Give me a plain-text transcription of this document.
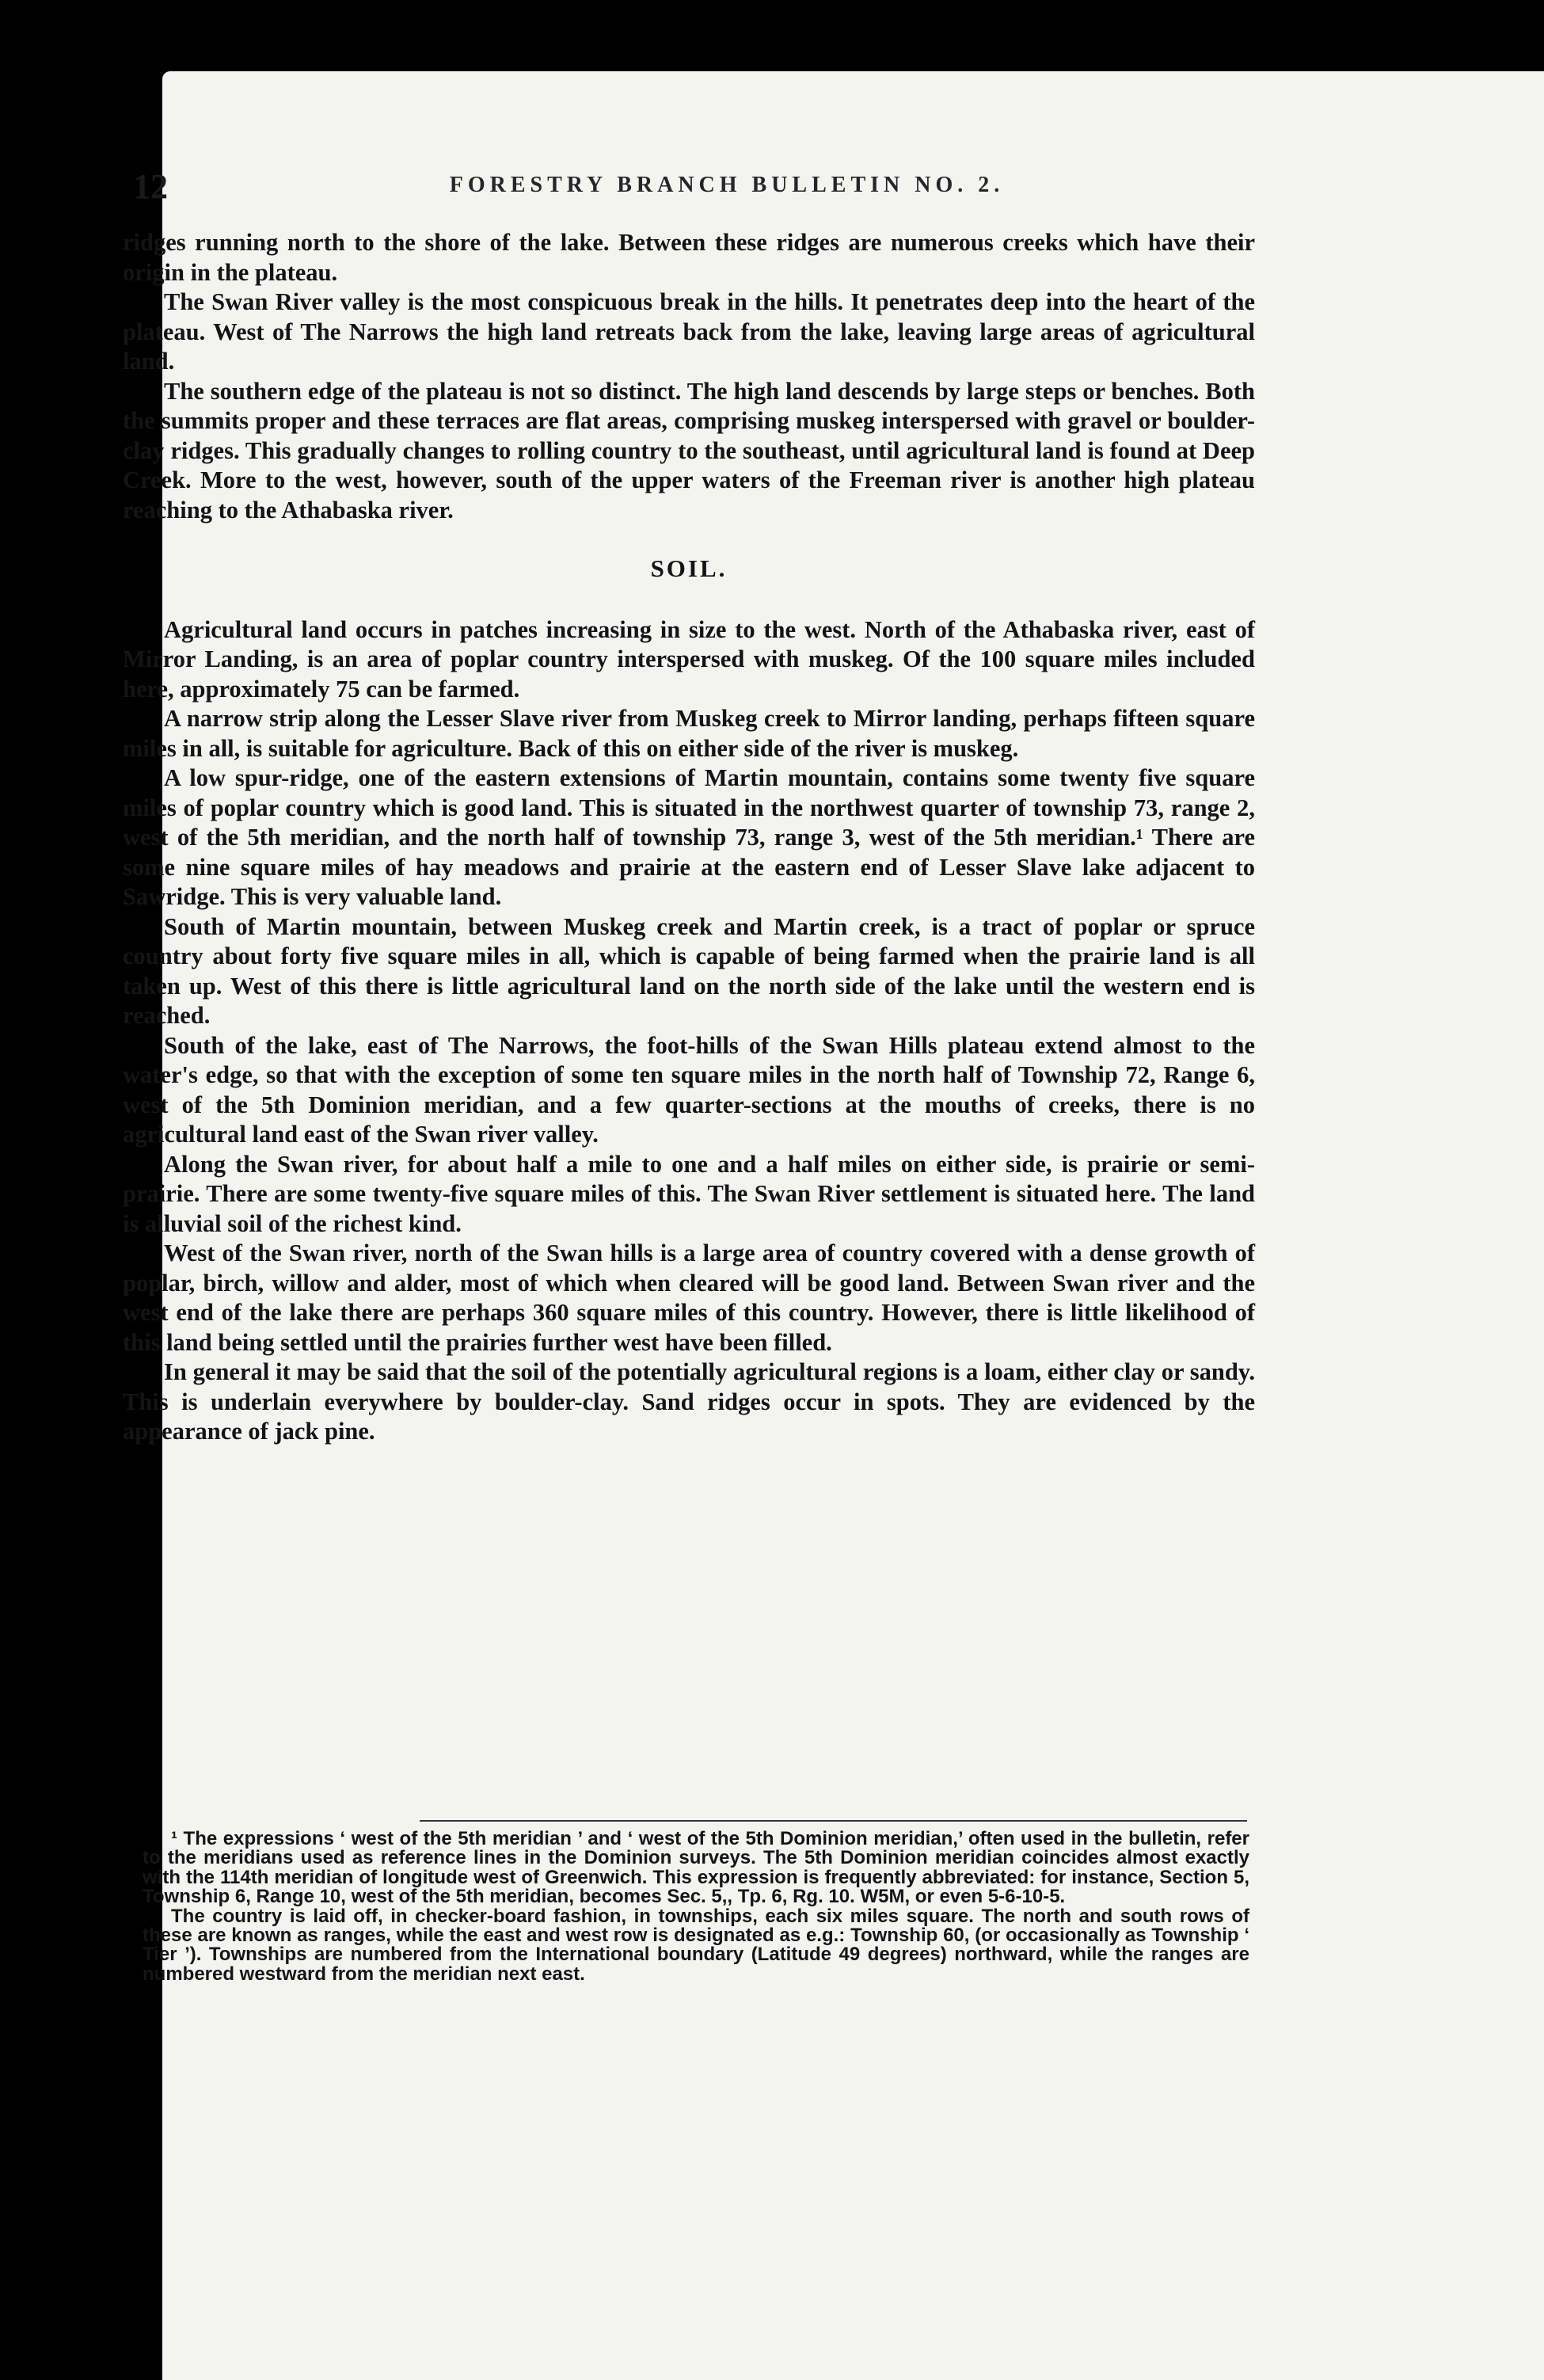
12	FORESTRY BRANCH BULLETIN NO. 2.

ridges running north to the shore of the lake. Between these ridges are numerous creeks which have their origin in the plateau.

The Swan River valley is the most conspicuous break in the hills. It penetrates deep into the heart of the plateau. West of The Narrows the high land retreats back from the lake, leaving large areas of agricultural land.

The southern edge of the plateau is not so distinct. The high land descends by large steps or benches. Both the summits proper and these terraces are flat areas, comprising muskeg interspersed with gravel or boulder-clay ridges. This gradually changes to rolling country to the southeast, until agricultural land is found at Deep Creek. More to the west, however, south of the upper waters of the Freeman river is another high plateau reaching to the Athabaska river.

SOIL.

Agricultural land occurs in patches increasing in size to the west. North of the Athabaska river, east of Mirror Landing, is an area of poplar country interspersed with muskeg. Of the 100 square miles included here, approximately 75 can be farmed.

A narrow strip along the Lesser Slave river from Muskeg creek to Mirror landing, perhaps fifteen square miles in all, is suitable for agriculture. Back of this on either side of the river is muskeg.

A low spur-ridge, one of the eastern extensions of Martin mountain, contains some twenty five square miles of poplar country which is good land. This is situated in the northwest quarter of township 73, range 2, west of the 5th meridian, and the north half of township 73, range 3, west of the 5th meridian.¹ There are some nine square miles of hay meadows and prairie at the eastern end of Lesser Slave lake adjacent to Sawridge. This is very valuable land.

South of Martin mountain, between Muskeg creek and Martin creek, is a tract of poplar or spruce country about forty five square miles in all, which is capable of being farmed when the prairie land is all taken up. West of this there is little agricultural land on the north side of the lake until the western end is reached.

South of the lake, east of The Narrows, the foot-hills of the Swan Hills plateau extend almost to the water's edge, so that with the exception of some ten square miles in the north half of Township 72, Range 6, west of the 5th Dominion meridian, and a few quarter-sections at the mouths of creeks, there is no agricultural land east of the Swan river valley.

Along the Swan river, for about half a mile to one and a half miles on either side, is prairie or semi-prairie. There are some twenty-five square miles of this. The Swan River settlement is situated here. The land is alluvial soil of the richest kind.

West of the Swan river, north of the Swan hills is a large area of country covered with a dense growth of poplar, birch, willow and alder, most of which when cleared will be good land. Between Swan river and the west end of the lake there are perhaps 360 square miles of this country. However, there is little likelihood of this land being settled until the prairies further west have been filled.

In general it may be said that the soil of the potentially agricultural regions is a loam, either clay or sandy. This is underlain everywhere by boulder-clay. Sand ridges occur in spots. They are evidenced by the appearance of jack pine.

¹ The expressions ‘ west of the 5th meridian ’ and ‘ west of the 5th Dominion meridian,’ often used in the bulletin, refer to the meridians used as reference lines in the Dominion surveys. The 5th Dominion meridian coincides almost exactly with the 114th meridian of longitude west of Greenwich. This expression is frequently abbreviated: for instance, Section 5, Township 6, Range 10, west of the 5th meridian, becomes Sec. 5,, Tp. 6, Rg. 10. W5M, or even 5-6-10-5.

The country is laid off, in checker-board fashion, in townships, each six miles square. The north and south rows of these are known as ranges, while the east and west row is designated as e.g.: Township 60, (or occasionally as Township ‘ Tier ’). Townships are numbered from the International boundary (Latitude 49 degrees) northward, while the ranges are numbered westward from the meridian next east.
